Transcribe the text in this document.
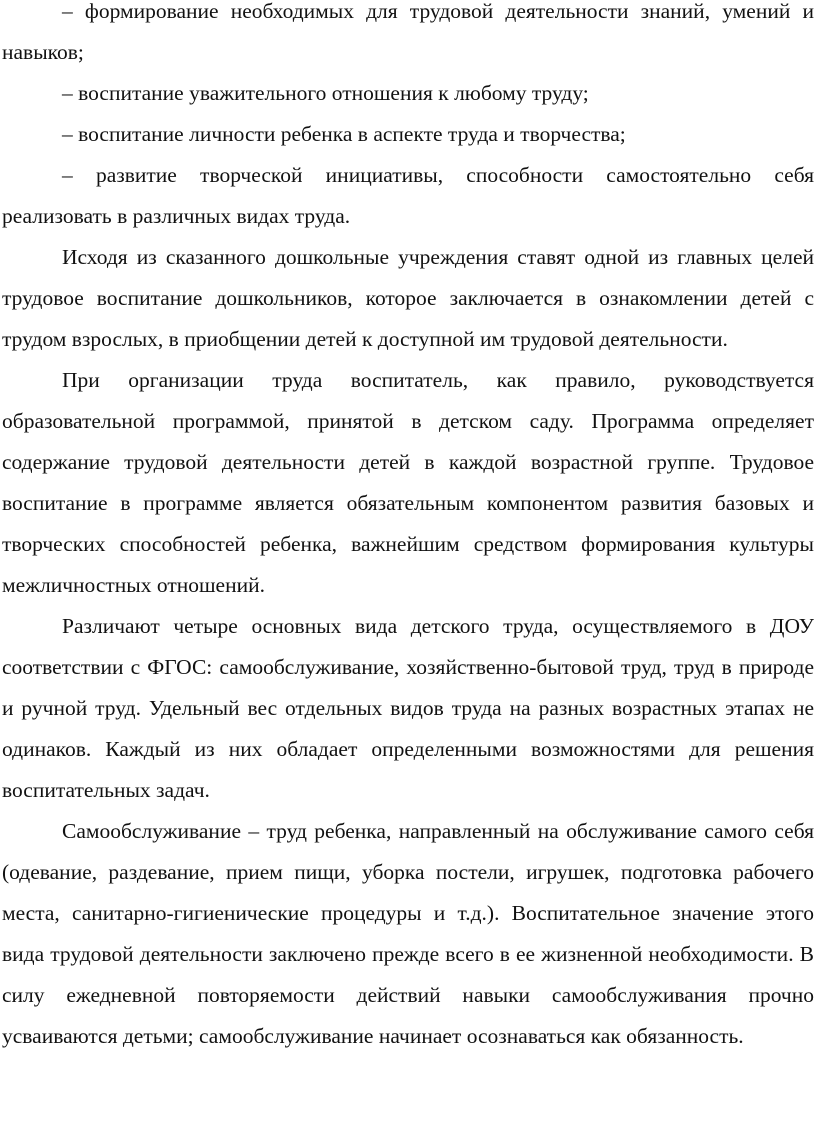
– формирование необходимых для трудовой деятельности знаний, умений и навыков;

– воспитание уважительного отношения к любому труду;

– воспитание личности ребенка в аспекте труда и творчества;

– развитие творческой инициативы, способности самостоятельно себя реализовать в различных видах труда.

Исходя из сказанного дошкольные учреждения ставят одной из главных целей трудовое воспитание дошкольников, которое заключается в ознакомлении детей с трудом взрослых, в приобщении детей к доступной им трудовой деятельности.

При организации труда воспитатель, как правило, руководствуется образовательной программой, принятой в детском саду. Программа определяет содержание трудовой деятельности детей в каждой возрастной группе. Трудовое воспитание в программе является обязательным компонентом развития базовых и творческих способностей ребенка, важнейшим средством формирования культуры межличностных отношений.

Различают четыре основных вида детского труда, осуществляемого в ДОУ соответствии с ФГОС: самообслуживание, хозяйственно-бытовой труд, труд в природе и ручной труд. Удельный вес отдельных видов труда на разных возрастных этапах не одинаков. Каждый из них обладает определенными возможностями для решения воспитательных задач.

Самообслуживание – труд ребенка, направленный на обслуживание самого себя (одевание, раздевание, прием пищи, уборка постели, игрушек, подготовка рабочего места, санитарно-гигиенические процедуры и т.д.). Воспитательное значение этого вида трудовой деятельности заключено прежде всего в ее жизненной необходимости. В силу ежедневной повторяемости действий навыки самообслуживания прочно усваиваются детьми; самообслуживание начинает осознаваться как обязанность.
